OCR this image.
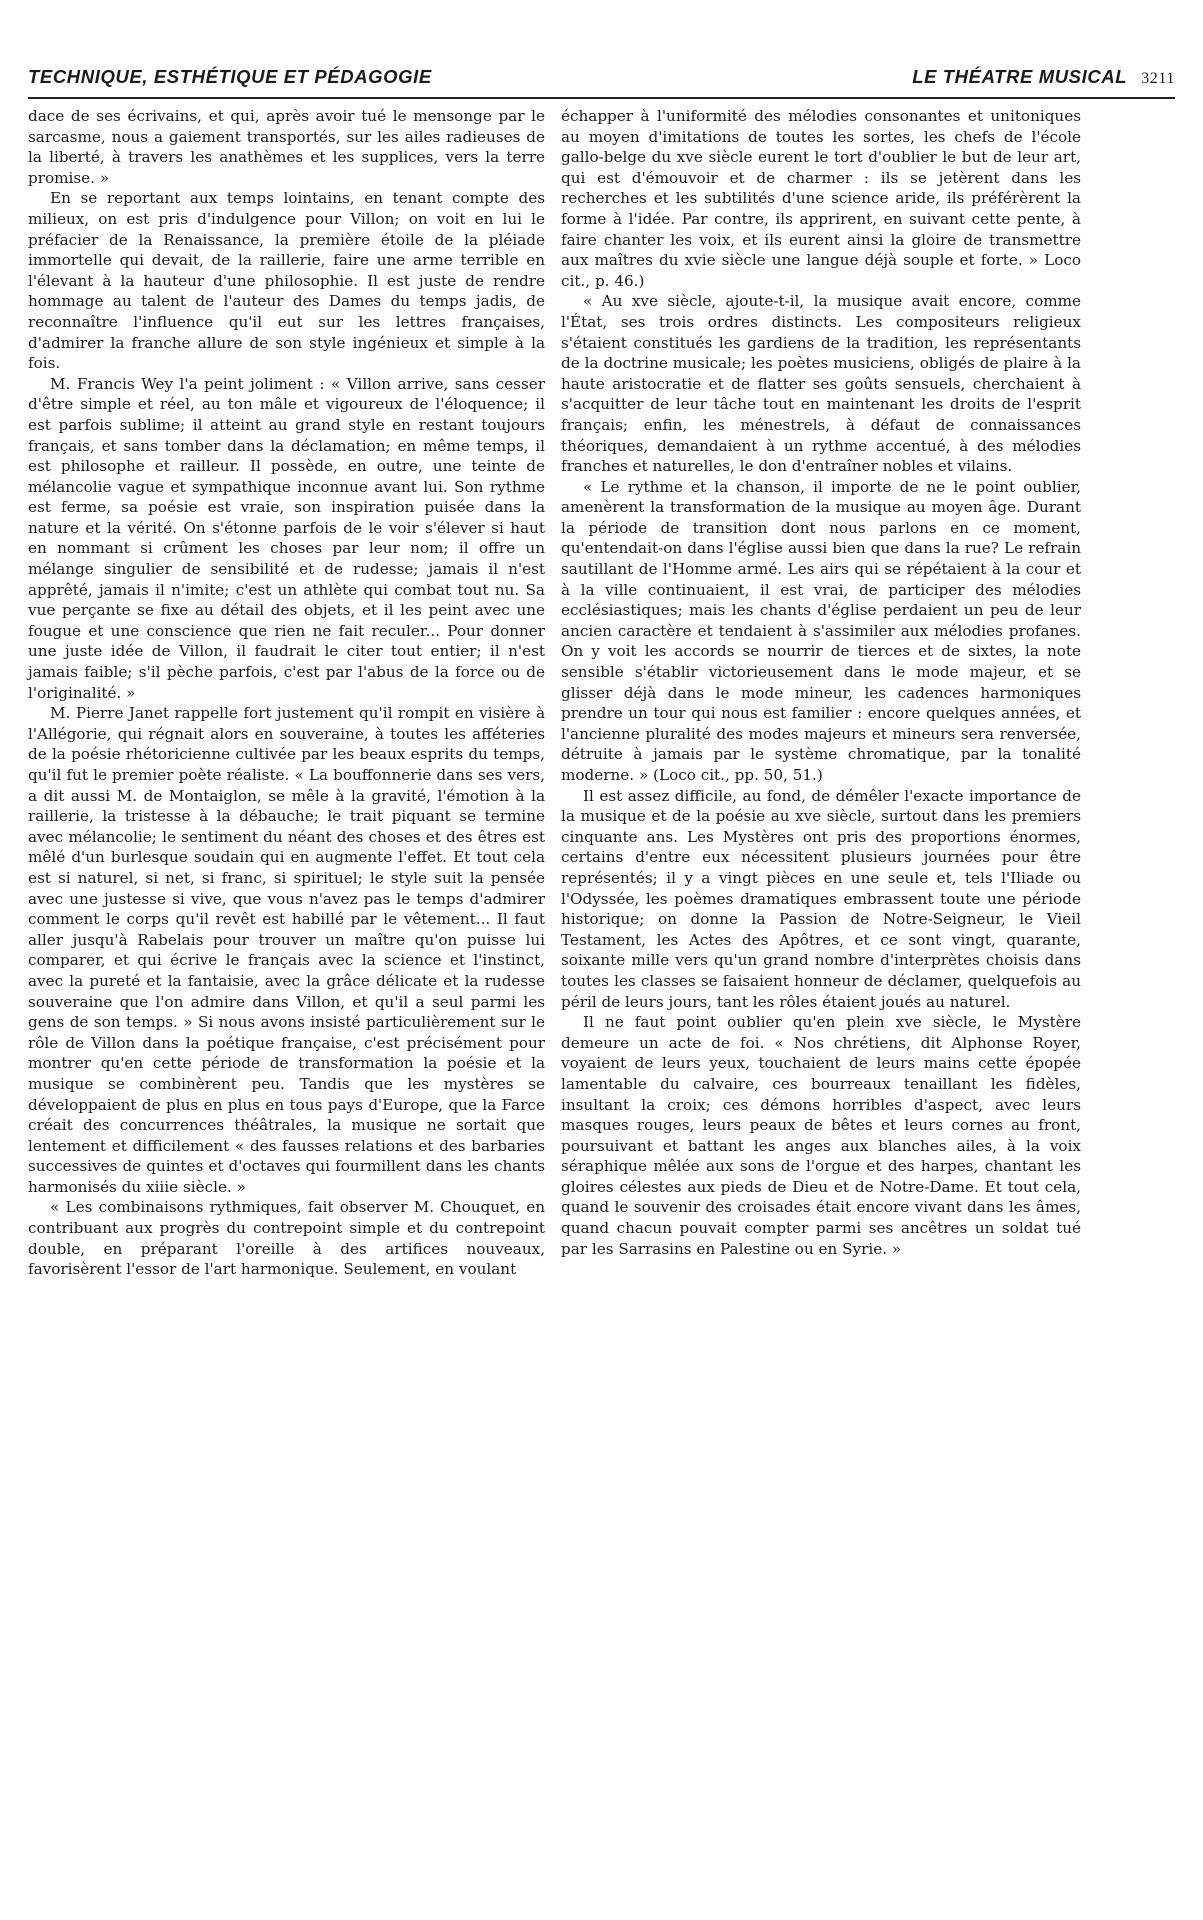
TECHNIQUE, ESTHÉTIQUE ET PÉDAGOGIE	LE THÉATRE MUSICAL 3211

dace de ses écrivains, et qui, après avoir tué le mensonge par le sarcasme, nous a gaiement transportés, sur les ailes radieuses de la liberté, à travers les anathèmes et les supplices, vers la terre promise. »

En se reportant aux temps lointains, en tenant compte des milieux, on est pris d'indulgence pour Villon; on voit en lui le préfacier de la Renaissance, la première étoile de la pléiade immortelle qui devait, de la raillerie, faire une arme terrible en l'élevant à la hauteur d'une philosophie. Il est juste de rendre hommage au talent de l'auteur des Dames du temps jadis, de reconnaître l'influence qu'il eut sur les lettres françaises, d'admirer la franche allure de son style ingénieux et simple à la fois.

M. Francis Wey l'a peint joliment : « Villon arrive, sans cesser d'être simple et réel, au ton mâle et vigoureux de l'éloquence; il est parfois sublime; il atteint au grand style en restant toujours français, et sans tomber dans la déclamation; en même temps, il est philosophe et railleur. Il possède, en outre, une teinte de mélancolie vague et sympathique inconnue avant lui. Son rythme est ferme, sa poésie est vraie, son inspiration puisée dans la nature et la vérité. On s'étonne parfois de le voir s'élever si haut en nommant si crûment les choses par leur nom; il offre un mélange singulier de sensibilité et de rudesse; jamais il n'est apprêté, jamais il n'imite; c'est un athlète qui combat tout nu. Sa vue perçante se fixe au détail des objets, et il les peint avec une fougue et une conscience que rien ne fait reculer... Pour donner une juste idée de Villon, il faudrait le citer tout entier; il n'est jamais faible; s'il pèche parfois, c'est par l'abus de la force ou de l'originalité. »

M. Pierre Janet rappelle fort justement qu'il rompit en visière à l'Allégorie, qui régnait alors en souveraine, à toutes les afféteries de la poésie rhétoricienne cultivée par les beaux esprits du temps, qu'il fut le premier poète réaliste. « La bouffonnerie dans ses vers, a dit aussi M. de Montaiglon, se mêle à la gravité, l'émotion à la raillerie, la tristesse à la débauche; le trait piquant se termine avec mélancolie; le sentiment du néant des choses et des êtres est mêlé d'un burlesque soudain qui en augmente l'effet. Et tout cela est si naturel, si net, si franc, si spirituel; le style suit la pensée avec une justesse si vive, que vous n'avez pas le temps d'admirer comment le corps qu'il revêt est habillé par le vêtement... Il faut aller jusqu'à Rabelais pour trouver un maître qu'on puisse lui comparer, et qui écrive le français avec la science et l'instinct, avec la pureté et la fantaisie, avec la grâce délicate et la rudesse souveraine que l'on admire dans Villon, et qu'il a seul parmi les gens de son temps. » Si nous avons insisté particulièrement sur le rôle de Villon dans la poétique française, c'est précisément pour montrer qu'en cette période de transformation la poésie et la musique se combinèrent peu. Tandis que les mystères se développaient de plus en plus en tous pays d'Europe, que la Farce créait des concurrences théâtrales, la musique ne sortait que lentement et difficilement « des fausses relations et des barbaries successives de quintes et d'octaves qui fourmillent dans les chants harmonisés du xiiie siècle. »

« Les combinaisons rythmiques, fait observer M. Chouquet, en contribuant aux progrès du contrepoint simple et du contrepoint double, en préparant l'oreille à des artifices nouveaux, favorisèrent l'essor de l'art harmonique. Seulement, en voulant

échapper à l'uniformité des mélodies consonantes et unitoniques au moyen d'imitations de toutes les sortes, les chefs de l'école gallo-belge du xve siècle eurent le tort d'oublier le but de leur art, qui est d'émouvoir et de charmer : ils se jetèrent dans les recherches et les subtilités d'une science aride, ils préférèrent la forme à l'idée. Par contre, ils apprirent, en suivant cette pente, à faire chanter les voix, et ils eurent ainsi la gloire de transmettre aux maîtres du xvie siècle une langue déjà souple et forte. » Loco cit., p. 46.)

« Au xve siècle, ajoute-t-il, la musique avait encore, comme l'État, ses trois ordres distincts. Les compositeurs religieux s'étaient constitués les gardiens de la tradition, les représentants de la doctrine musicale; les poètes musiciens, obligés de plaire à la haute aristocratie et de flatter ses goûts sensuels, cherchaient à s'acquitter de leur tâche tout en maintenant les droits de l'esprit français; enfin, les ménestrels, à défaut de connaissances théoriques, demandaient à un rythme accentué, à des mélodies franches et naturelles, le don d'entraîner nobles et vilains.

« Le rythme et la chanson, il importe de ne le point oublier, amenèrent la transformation de la musique au moyen âge. Durant la période de transition dont nous parlons en ce moment, qu'entendait-on dans l'église aussi bien que dans la rue? Le refrain sautillant de l'Homme armé. Les airs qui se répétaient à la cour et à la ville continuaient, il est vrai, de participer des mélodies ecclésiastiques; mais les chants d'église perdaient un peu de leur ancien caractère et tendaient à s'assimiler aux mélodies profanes. On y voit les accords se nourrir de tierces et de sixtes, la note sensible s'établir victorieusement dans le mode majeur, et se glisser déjà dans le mode mineur, les cadences harmoniques prendre un tour qui nous est familier : encore quelques années, et l'ancienne pluralité des modes majeurs et mineurs sera renversée, détruite à jamais par le système chromatique, par la tonalité moderne. » (Loco cit., pp. 50, 51.)

Il est assez difficile, au fond, de démêler l'exacte importance de la musique et de la poésie au xve siècle, surtout dans les premiers cinquante ans. Les Mystères ont pris des proportions énormes, certains d'entre eux nécessitent plusieurs journées pour être représentés; il y a vingt pièces en une seule et, tels l'Iliade ou l'Odyssée, les poèmes dramatiques embrassent toute une période historique; on donne la Passion de Notre-Seigneur, le Vieil Testament, les Actes des Apôtres, et ce sont vingt, quarante, soixante mille vers qu'un grand nombre d'interprètes choisis dans toutes les classes se faisaient honneur de déclamer, quelquefois au péril de leurs jours, tant les rôles étaient joués au naturel.

Il ne faut point oublier qu'en plein xve siècle, le Mystère demeure un acte de foi. « Nos chrétiens, dit Alphonse Royer, voyaient de leurs yeux, touchaient de leurs mains cette épopée lamentable du calvaire, ces bourreaux tenaillant les fidèles, insultant la croix; ces démons horribles d'aspect, avec leurs masques rouges, leurs peaux de bêtes et leurs cornes au front, poursuivant et battant les anges aux blanches ailes, à la voix séraphique mêlée aux sons de l'orgue et des harpes, chantant les gloires célestes aux pieds de Dieu et de Notre-Dame. Et tout cela, quand le souvenir des croisades était encore vivant dans les âmes, quand chacun pouvait compter parmi ses ancêtres un soldat tué par les Sarrasins en Palestine ou en Syrie. »
